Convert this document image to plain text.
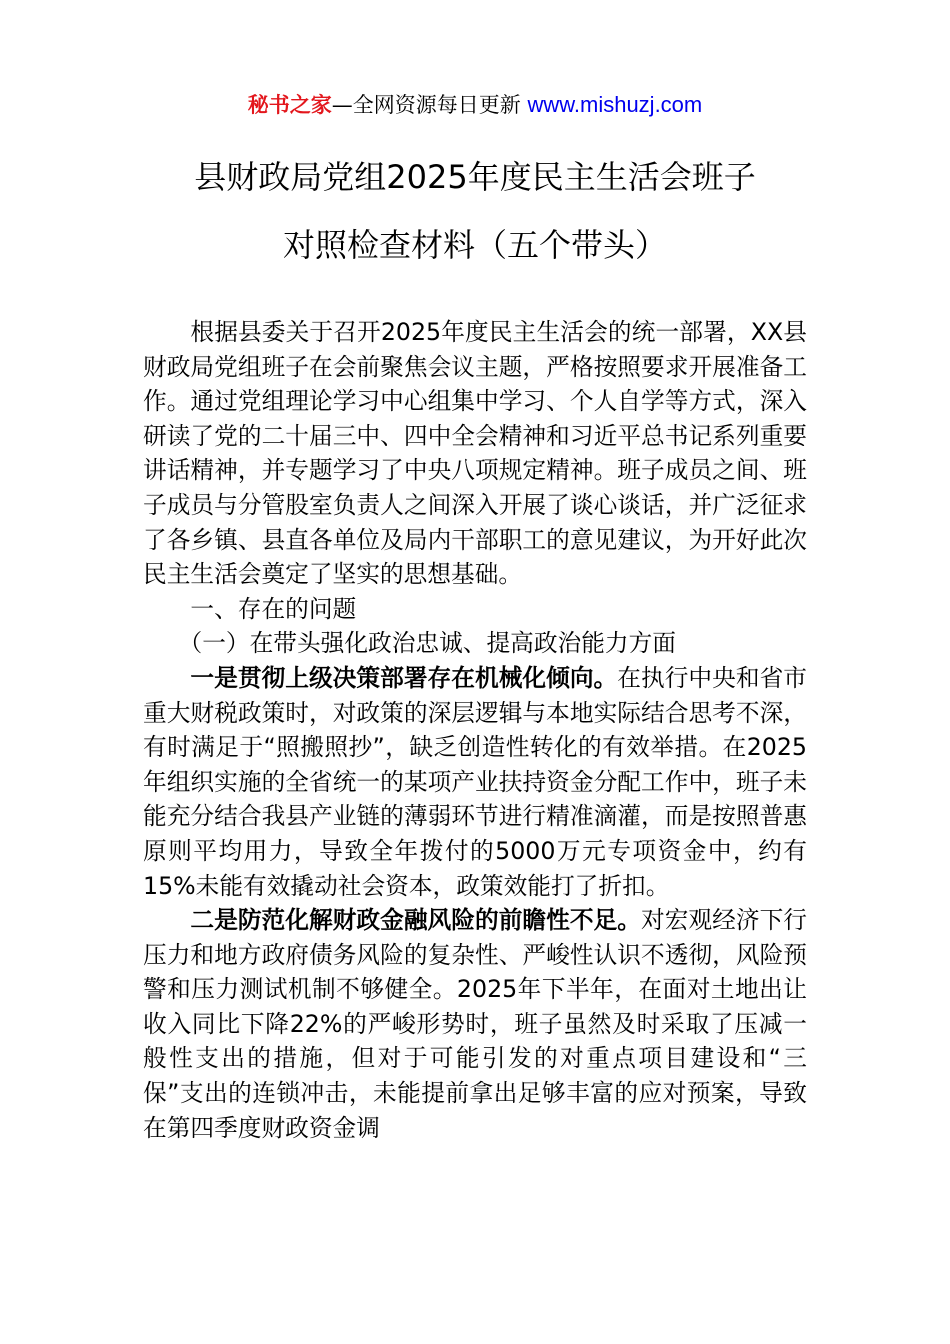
秘书之家—全网资源每日更新 www.mishuzj.com
县财政局党组2025年度民主生活会班子
对照检查材料（五个带头）

根据县委关于召开2025年度民主生活会的统一部署，XX县财政局党组班子在会前聚焦会议主题，严格按照要求开展准备工作。通过党组理论学习中心组集中学习、个人自学等方式，深入研读了党的二十届三中、四中全会精神和习近平总书记系列重要讲话精神，并专题学习了中央八项规定精神。班子成员之间、班子成员与分管股室负责人之间深入开展了谈心谈话，并广泛征求了各乡镇、县直各单位及局内干部职工的意见建议，为开好此次民主生活会奠定了坚实的思想基础。

一、存在的问题

（一）在带头强化政治忠诚、提高政治能力方面

一是贯彻上级决策部署存在机械化倾向。在执行中央和省市重大财税政策时，对政策的深层逻辑与本地实际结合思考不深，有时满足于“照搬照抄”，缺乏创造性转化的有效举措。在2025年组织实施的全省统一的某项产业扶持资金分配工作中，班子未能充分结合我县产业链的薄弱环节进行精准滴灌，而是按照普惠原则平均用力，导致全年拨付的5000万元专项资金中，约有15%未能有效撬动社会资本，政策效能打了折扣。

二是防范化解财政金融风险的前瞻性不足。对宏观经济下行压力和地方政府债务风险的复杂性、严峻性认识不透彻，风险预警和压力测试机制不够健全。2025年下半年，在面对土地出让收入同比下降22%的严峻形势时，班子虽然及时采取了压减一般性支出的措施，但对于可能引发的对重点项目建设和“三保”支出的连锁冲击，未能提前拿出足够丰富的应对预案，导致在第四季度财政资金调
